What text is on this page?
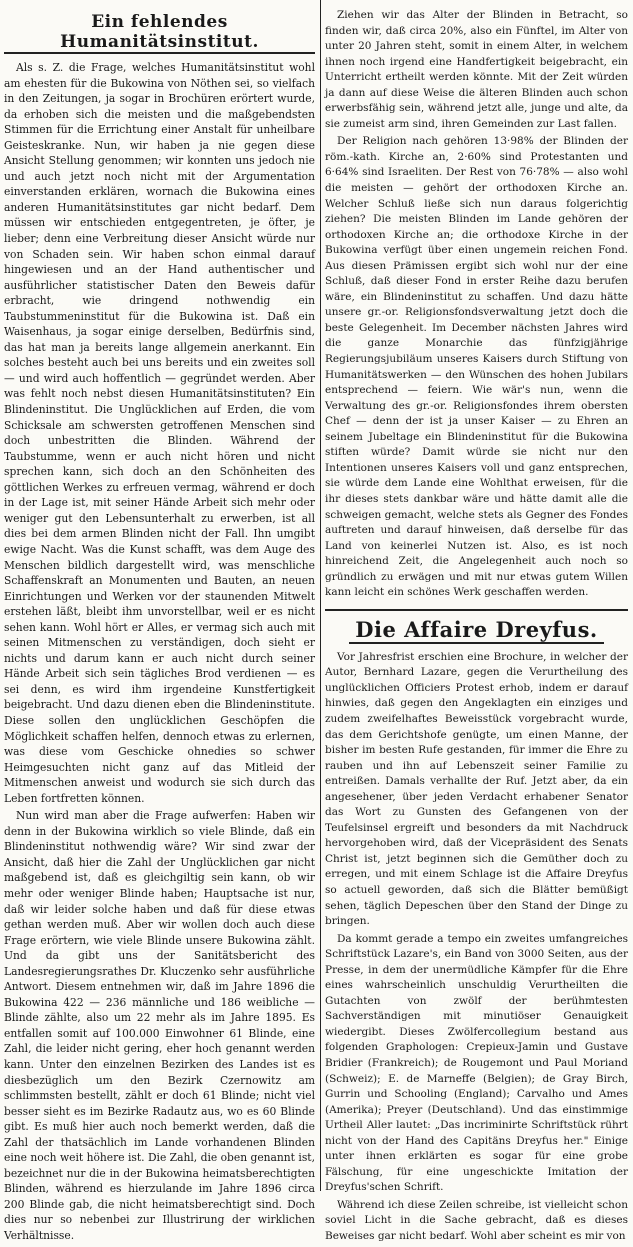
Ein fehlendes Humanitätsinstitut.

Als s. Z. die Frage, welches Humanitätsinstitut wohl am ehesten für die Bukowina von Nöthen sei, so vielfach in den Zeitungen, ja sogar in Brochüren erörtert wurde, da erhoben sich die meisten und die maßgebendsten Stimmen für die Errichtung einer Anstalt für unheilbare Geisteskranke. Nun, wir haben ja nie gegen diese Ansicht Stellung genommen; wir konnten uns jedoch nie und auch jetzt noch nicht mit der Argumentation einverstanden erklären, wornach die Bukowina eines anderen Humanitätsinstitutes gar nicht bedarf. Dem müssen wir entschieden entgegentreten, je öfter, je lieber; denn eine Verbreitung dieser Ansicht würde nur von Schaden sein. Wir haben schon einmal darauf hingewiesen und an der Hand authentischer und ausführlicher statistischer Daten den Beweis dafür erbracht, wie dringend nothwendig ein Taubstummeninstitut für die Bukowina ist. Daß ein Waisenhaus, ja sogar einige derselben, Bedürfnis sind, das hat man ja bereits lange allgemein anerkannt. Ein solches besteht auch bei uns bereits und ein zweites soll — und wird auch hoffentlich — gegründet werden. Aber was fehlt noch nebst diesen Humanitätsinstituten? Ein Blindeninstitut. Die Unglücklichen auf Erden, die vom Schicksale am schwersten getroffenen Menschen sind doch unbestritten die Blinden. Während der Taubstumme, wenn er auch nicht hören und nicht sprechen kann, sich doch an den Schönheiten des göttlichen Werkes zu erfreuen vermag, während er doch in der Lage ist, mit seiner Hände Arbeit sich mehr oder weniger gut den Lebensunterhalt zu erwerben, ist all dies bei dem armen Blinden nicht der Fall. Ihn umgibt ewige Nacht. Was die Kunst schafft, was dem Auge des Menschen bildlich dargestellt wird, was menschliche Schaffenskraft an Monumenten und Bauten, an neuen Einrichtungen und Werken vor der staunenden Mitwelt erstehen läßt, bleibt ihm unvorstellbar, weil er es nicht sehen kann. Wohl hört er Alles, er vermag sich auch mit seinen Mitmenschen zu verständigen, doch sieht er nichts und darum kann er auch nicht durch seiner Hände Arbeit sich sein tägliches Brod verdienen — es sei denn, es wird ihm irgendeine Kunstfertigkeit beigebracht. Und dazu dienen eben die Blindeninstitute. Diese sollen den unglücklichen Geschöpfen die Möglichkeit schaffen helfen, dennoch etwas zu erlernen, was diese vom Geschicke ohnedies so schwer Heimgesuchten nicht ganz auf das Mitleid der Mitmenschen anweist und wodurch sie sich durch das Leben fortfretten können.

Nun wird man aber die Frage aufwerfen: Haben wir denn in der Bukowina wirklich so viele Blinde, daß ein Blindeninstitut nothwendig wäre? Wir sind zwar der Ansicht, daß hier die Zahl der Unglücklichen gar nicht maßgebend ist, daß es gleichgiltig sein kann, ob wir mehr oder weniger Blinde haben; Hauptsache ist nur, daß wir leider solche haben und daß für diese etwas gethan werden muß. Aber wir wollen doch auch diese Frage erörtern, wie viele Blinde unsere Bukowina zählt. Und da gibt uns der Sanitätsbericht des Landesregierungsrathes Dr. Kluczenko sehr ausführliche Antwort. Diesem entnehmen wir, daß im Jahre 1896 die Bukowina 422 — 236 männliche und 186 weibliche — Blinde zählte, also um 22 mehr als im Jahre 1895. Es entfallen somit auf 100.000 Einwohner 61 Blinde, eine Zahl, die leider nicht gering, eher hoch genannt werden kann. Unter den einzelnen Bezirken des Landes ist es diesbezüglich um den Bezirk Czernowitz am schlimmsten bestellt, zählt er doch 61 Blinde; nicht viel besser sieht es im Bezirke Radautz aus, wo es 60 Blinde gibt. Es muß hier auch noch bemerkt werden, daß die Zahl der thatsächlich im Lande vorhandenen Blinden eine noch weit höhere ist. Die Zahl, die oben genannt ist, bezeichnet nur die in der Bukowina heimatsberechtigten Blinden, während es hierzulande im Jahre 1896 circa 200 Blinde gab, die nicht heimatsberechtigt sind. Doch dies nur so nebenbei zur Illustrirung der wirklichen Verhältnisse.

Ziehen wir das Alter der Blinden in Betracht, so finden wir, daß circa 20%, also ein Fünftel, im Alter von unter 20 Jahren steht, somit in einem Alter, in welchem ihnen noch irgend eine Handfertigkeit beigebracht, ein Unterricht ertheilt werden könnte. Mit der Zeit würden ja dann auf diese Weise die älteren Blinden auch schon erwerbsfähig sein, während jetzt alle, junge und alte, da sie zumeist arm sind, ihren Gemeinden zur Last fallen.

Der Religion nach gehören 13·98% der Blinden der röm.-kath. Kirche an, 2·60% sind Protestanten und 6·64% sind Israeliten. Der Rest von 76·78% — also wohl die meisten — gehört der orthodoxen Kirche an. Welcher Schluß ließe sich nun daraus folgerichtig ziehen? Die meisten Blinden im Lande gehören der orthodoxen Kirche an; die orthodoxe Kirche in der Bukowina verfügt über einen ungemein reichen Fond. Aus diesen Prämissen ergibt sich wohl nur der eine Schluß, daß dieser Fond in erster Reihe dazu berufen wäre, ein Blindeninstitut zu schaffen. Und dazu hätte unsere gr.-or. Religionsfondsverwaltung jetzt doch die beste Gelegenheit. Im December nächsten Jahres wird die ganze Monarchie das fünfzigjährige Regierungsjubiläum unseres Kaisers durch Stiftung von Humanitätswerken — den Wünschen des hohen Jubilars entsprechend — feiern. Wie wär's nun, wenn die Verwaltung des gr.-or. Religionsfondes ihrem obersten Chef — denn der ist ja unser Kaiser — zu Ehren an seinem Jubeltage ein Blindeninstitut für die Bukowina stiften würde? Damit würde sie nicht nur den Intentionen unseres Kaisers voll und ganz entsprechen, sie würde dem Lande eine Wohlthat erweisen, für die ihr dieses stets dankbar wäre und hätte damit alle die schweigen gemacht, welche stets als Gegner des Fondes auftreten und darauf hinweisen, daß derselbe für das Land von keinerlei Nutzen ist. Also, es ist noch hinreichend Zeit, die Angelegenheit auch noch so gründlich zu erwägen und mit nur etwas gutem Willen kann leicht ein schönes Werk geschaffen werden.

Die Affaire Dreyfus.

Vor Jahresfrist erschien eine Brochure, in welcher der Autor, Bernhard Lazare, gegen die Verurtheilung des unglücklichen Officiers Protest erhob, indem er darauf hinwies, daß gegen den Angeklagten ein einziges und zudem zweifelhaftes Beweisstück vorgebracht wurde, das dem Gerichtshofe genügte, um einen Manne, der bisher im besten Rufe gestanden, für immer die Ehre zu rauben und ihn auf Lebenszeit seiner Familie zu entreißen. Damals verhallte der Ruf. Jetzt aber, da ein angesehener, über jeden Verdacht erhabener Senator das Wort zu Gunsten des Gefangenen von der Teufelsinsel ergreift und besonders da mit Nachdruck hervorgehoben wird, daß der Vicepräsident des Senats Christ ist, jetzt beginnen sich die Gemüther doch zu erregen, und mit einem Schlage ist die Affaire Dreyfus so actuell geworden, daß sich die Blätter bemüßigt sehen, täglich Depeschen über den Stand der Dinge zu bringen.

Da kommt gerade a tempo ein zweites umfangreiches Schriftstück Lazare's, ein Band von 3000 Seiten, aus der Presse, in dem der unermüdliche Kämpfer für die Ehre eines wahrscheinlich unschuldig Verurtheilten die Gutachten von zwölf der berühmtesten Sachverständigen mit minutiöser Genauigkeit wiedergibt. Dieses Zwölfercollegium bestand aus folgenden Graphologen: Crepieux-Jamin und Gustave Bridier (Frankreich); de Rougemont und Paul Moriand (Schweiz); E. de Marneffe (Belgien); de Gray Birch, Gurrin und Schooling (England); Carvalho und Ames (Amerika); Preyer (Deutschland). Und das einstimmige Urtheil Aller lautet: „Das incriminirte Schriftstück rührt nicht von der Hand des Capitäns Dreyfus her." Einige unter ihnen erklärten es sogar für eine grobe Fälschung, für eine ungeschickte Imitation der Dreyfus'schen Schrift.

Während ich diese Zeilen schreibe, ist vielleicht schon soviel Licht in die Sache gebracht, daß es dieses Beweises gar nicht bedarf. Wohl aber scheint es mir von
